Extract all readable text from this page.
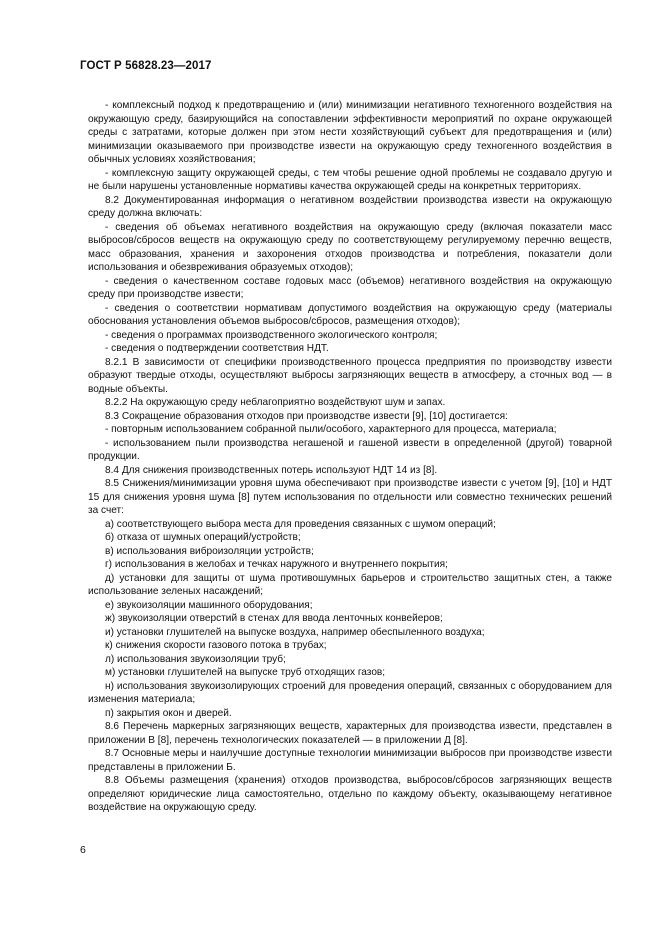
ГОСТ Р 56828.23—2017

- комплексный подход к предотвращению и (или) минимизации негативного техногенного воздействия на окружающую среду, базирующийся на сопоставлении эффективности мероприятий по охране окружающей среды с затратами, которые должен при этом нести хозяйствующий субъект для предотвращения и (или) минимизации оказываемого при производстве извести на окружающую среду техногенного воздействия в обычных условиях хозяйствования;

- комплексную защиту окружающей среды, с тем чтобы решение одной проблемы не создавало другую и не были нарушены установленные нормативы качества окружающей среды на конкретных территориях.

8.2 Документированная информация о негативном воздействии производства извести на окружающую среду должна включать:

- сведения об объемах негативного воздействия на окружающую среду (включая показатели масс выбросов/сбросов веществ на окружающую среду по соответствующему регулируемому перечню веществ, масс образования, хранения и захоронения отходов производства и потребления, показатели доли использования и обезвреживания образуемых отходов);

- сведения о качественном составе годовых масс (объемов) негативного воздействия на окружающую среду при производстве извести;

- сведения о соответствии нормативам допустимого воздействия на окружающую среду (материалы обоснования установления объемов выбросов/сбросов, размещения отходов);

- сведения о программах производственного экологического контроля;

- сведения о подтверждении соответствия НДТ.

8.2.1 В зависимости от специфики производственного процесса предприятия по производству извести образуют твердые отходы, осуществляют выбросы загрязняющих веществ в атмосферу, а сточных вод — в водные объекты.

8.2.2 На окружающую среду неблагоприятно воздействуют шум и запах.

8.3 Сокращение образования отходов при производстве извести [9], [10] достигается:

- повторным использованием собранной пыли/особого, характерного для процесса, материала;

- использованием пыли производства негашеной и гашеной извести в определенной (другой) товарной продукции.

8.4 Для снижения производственных потерь используют НДТ 14 из [8].

8.5 Снижения/минимизации уровня шума обеспечивают при производстве извести с учетом [9], [10] и НДТ 15 для снижения уровня шума [8] путем использования по отдельности или совместно технических решений за счет:

а) соответствующего выбора места для проведения связанных с шумом операций;

б) отказа от шумных операций/устройств;

в) использования виброизоляции устройств;

г) использования в желобах и течках наружного и внутреннего покрытия;

д) установки для защиты от шума противошумных барьеров и строительство защитных стен, а также использование зеленых насаждений;

е) звукоизоляции машинного оборудования;

ж) звукоизоляции отверстий в стенах для ввода ленточных конвейеров;

и) установки глушителей на выпуске воздуха, например обеспыленного воздуха;

к) снижения скорости газового потока в трубах;

л) использования звукоизоляции труб;

м) установки глушителей на выпуске труб отходящих газов;

н) использования звукоизолирующих строений для проведения операций, связанных с оборудованием для изменения материала;

п) закрытия окон и дверей.

8.6 Перечень маркерных загрязняющих веществ, характерных для производства извести, представлен в приложении В [8], перечень технологических показателей — в приложении Д [8].

8.7 Основные меры и наилучшие доступные технологии минимизации выбросов при производстве извести представлены в приложении Б.

8.8 Объемы размещения (хранения) отходов производства, выбросов/сбросов загрязняющих веществ определяют юридические лица самостоятельно, отдельно по каждому объекту, оказывающему негативное воздействие на окружающую среду.

6
